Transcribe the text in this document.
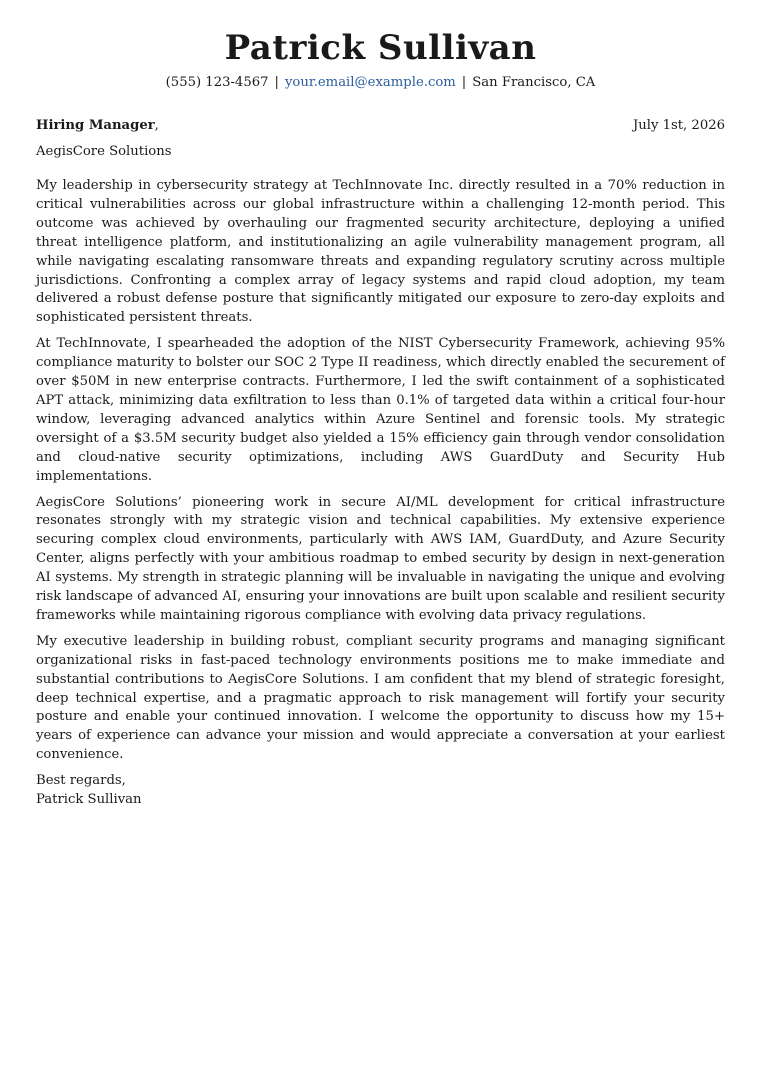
Patrick Sullivan
(555) 123-4567 | your.email@example.com | San Francisco, CA
Hiring Manager,	July 1st, 2026
AegisCore Solutions

My leadership in cybersecurity strategy at TechInnovate Inc. directly resulted in a 70% reduction in critical vulnerabilities across our global infrastructure within a challenging 12-month period. This outcome was achieved by overhauling our fragmented security architecture, deploying a unified threat intelligence platform, and institutionalizing an agile vulnerability management program, all while navigating escalating ransomware threats and expanding regulatory scrutiny across multiple jurisdictions. Confronting a complex array of legacy systems and rapid cloud adoption, my team delivered a robust defense posture that significantly mitigated our exposure to zero-day exploits and sophisticated persistent threats.

At TechInnovate, I spearheaded the adoption of the NIST Cybersecurity Framework, achieving 95% compliance maturity to bolster our SOC 2 Type II readiness, which directly enabled the securement of over $50M in new enterprise contracts. Furthermore, I led the swift containment of a sophisticated APT attack, minimizing data exfiltration to less than 0.1% of targeted data within a critical four-hour window, leveraging advanced analytics within Azure Sentinel and forensic tools. My strategic oversight of a $3.5M security budget also yielded a 15% efficiency gain through vendor consolidation and cloud-native security optimizations, including AWS GuardDuty and Security Hub implementations.

AegisCore Solutions’ pioneering work in secure AI/ML development for critical infrastructure resonates strongly with my strategic vision and technical capabilities. My extensive experience securing complex cloud environments, particularly with AWS IAM, GuardDuty, and Azure Security Center, aligns perfectly with your ambitious roadmap to embed security by design in next-generation AI systems. My strength in strategic planning will be invaluable in navigating the unique and evolving risk landscape of advanced AI, ensuring your innovations are built upon scalable and resilient security frameworks while maintaining rigorous compliance with evolving data privacy regulations.

My executive leadership in building robust, compliant security programs and managing significant organizational risks in fast-paced technology environments positions me to make immediate and substantial contributions to AegisCore Solutions. I am confident that my blend of strategic foresight, deep technical expertise, and a pragmatic approach to risk management will fortify your security posture and enable your continued innovation. I welcome the opportunity to discuss how my 15+ years of experience can advance your mission and would appreciate a conversation at your earliest convenience.

Best regards,
Patrick Sullivan
